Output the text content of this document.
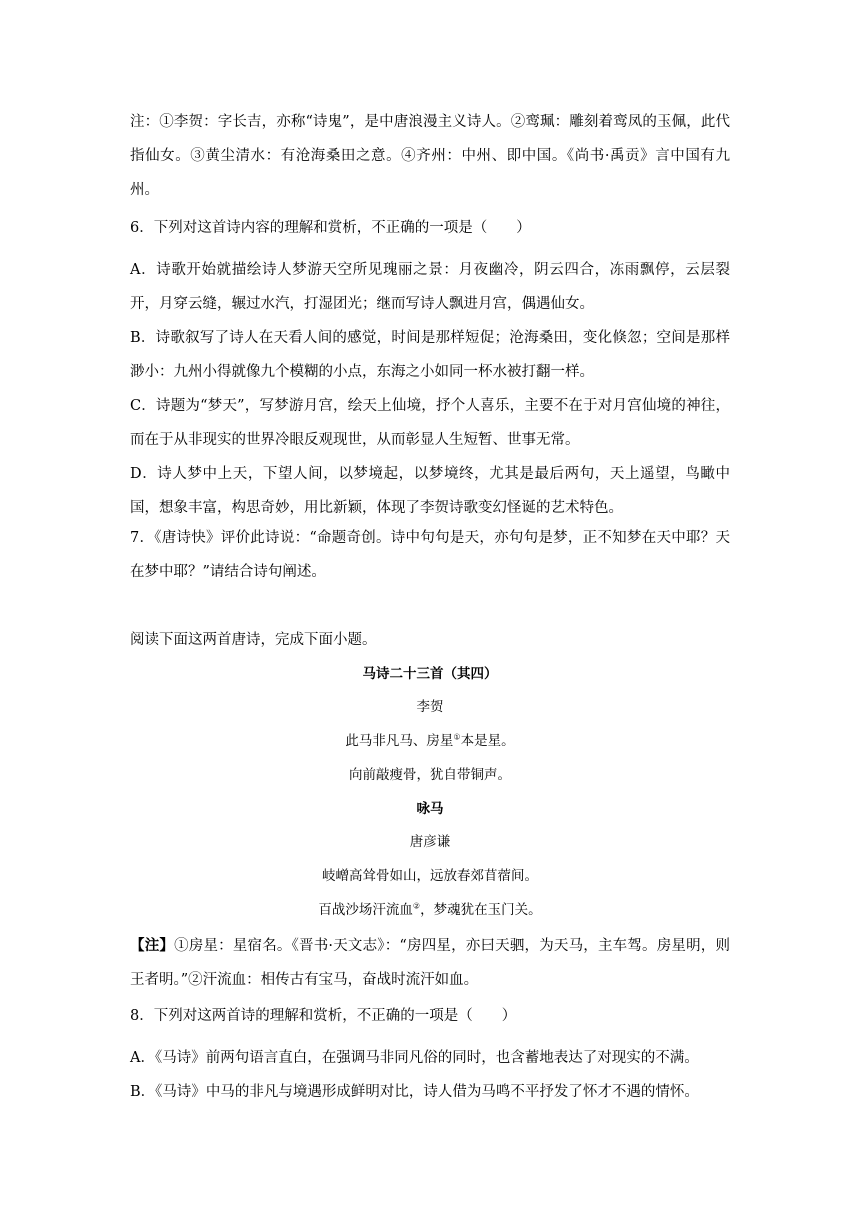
注：①李贺：字长吉，亦称“诗鬼”，是中唐浪漫主义诗人。②鸾珮：雕刻着鸾凤的玉佩，此代指仙女。③黄尘清水：有沧海桑田之意。④齐州：中州、即中国。《尚书·禹贡》言中国有九州。
6．下列对这首诗内容的理解和赏析，不正确的一项是（　　）
A．诗歌开始就描绘诗人梦游天空所见瑰丽之景：月夜幽冷，阴云四合，冻雨飘停，云层裂开，月穿云缝，辗过水汽，打湿团光；继而写诗人飘进月宫，偶遇仙女。
B．诗歌叙写了诗人在天看人间的感觉，时间是那样短促；沧海桑田，变化倏忽；空间是那样渺小：九州小得就像九个模糊的小点，东海之小如同一杯水被打翻一样。
C．诗题为“梦天”，写梦游月宫，绘天上仙境，抒个人喜乐，主要不在于对月宫仙境的神往，而在于从非现实的世界冷眼反观现世，从而彰显人生短暂、世事无常。
D．诗人梦中上天，下望人间，以梦境起，以梦境终，尤其是最后两句，天上遥望，鸟瞰中国，想象丰富，构思奇妙，用比新颖，体现了李贺诗歌变幻怪诞的艺术特色。
7．《唐诗快》评价此诗说：“命题奇创。诗中句句是天，亦句句是梦，正不知梦在天中耶？天在梦中耶？”请结合诗句阐述。
阅读下面这两首唐诗，完成下面小题。
马诗二十三首（其四）
李贺
此马非凡马、房星①本是星。
向前敲瘦骨，犹自带铜声。
咏马
唐彦谦
岐嶒高耸骨如山，远放春郊苜蓿间。
百战沙场汗流血②，梦魂犹在玉门关。
【注】①房星：星宿名。《晋书·天文志》：“房四星，亦曰天驷，为天马，主车驾。房星明，则王者明。”②汗流血：相传古有宝马，奋战时流汗如血。
8．下列对这两首诗的理解和赏析，不正确的一项是（　　）
A．《马诗》前两句语言直白，在强调马非同凡俗的同时，也含蓄地表达了对现实的不满。
B．《马诗》中马的非凡与境遇形成鲜明对比，诗人借为马鸣不平抒发了怀才不遇的情怀。
